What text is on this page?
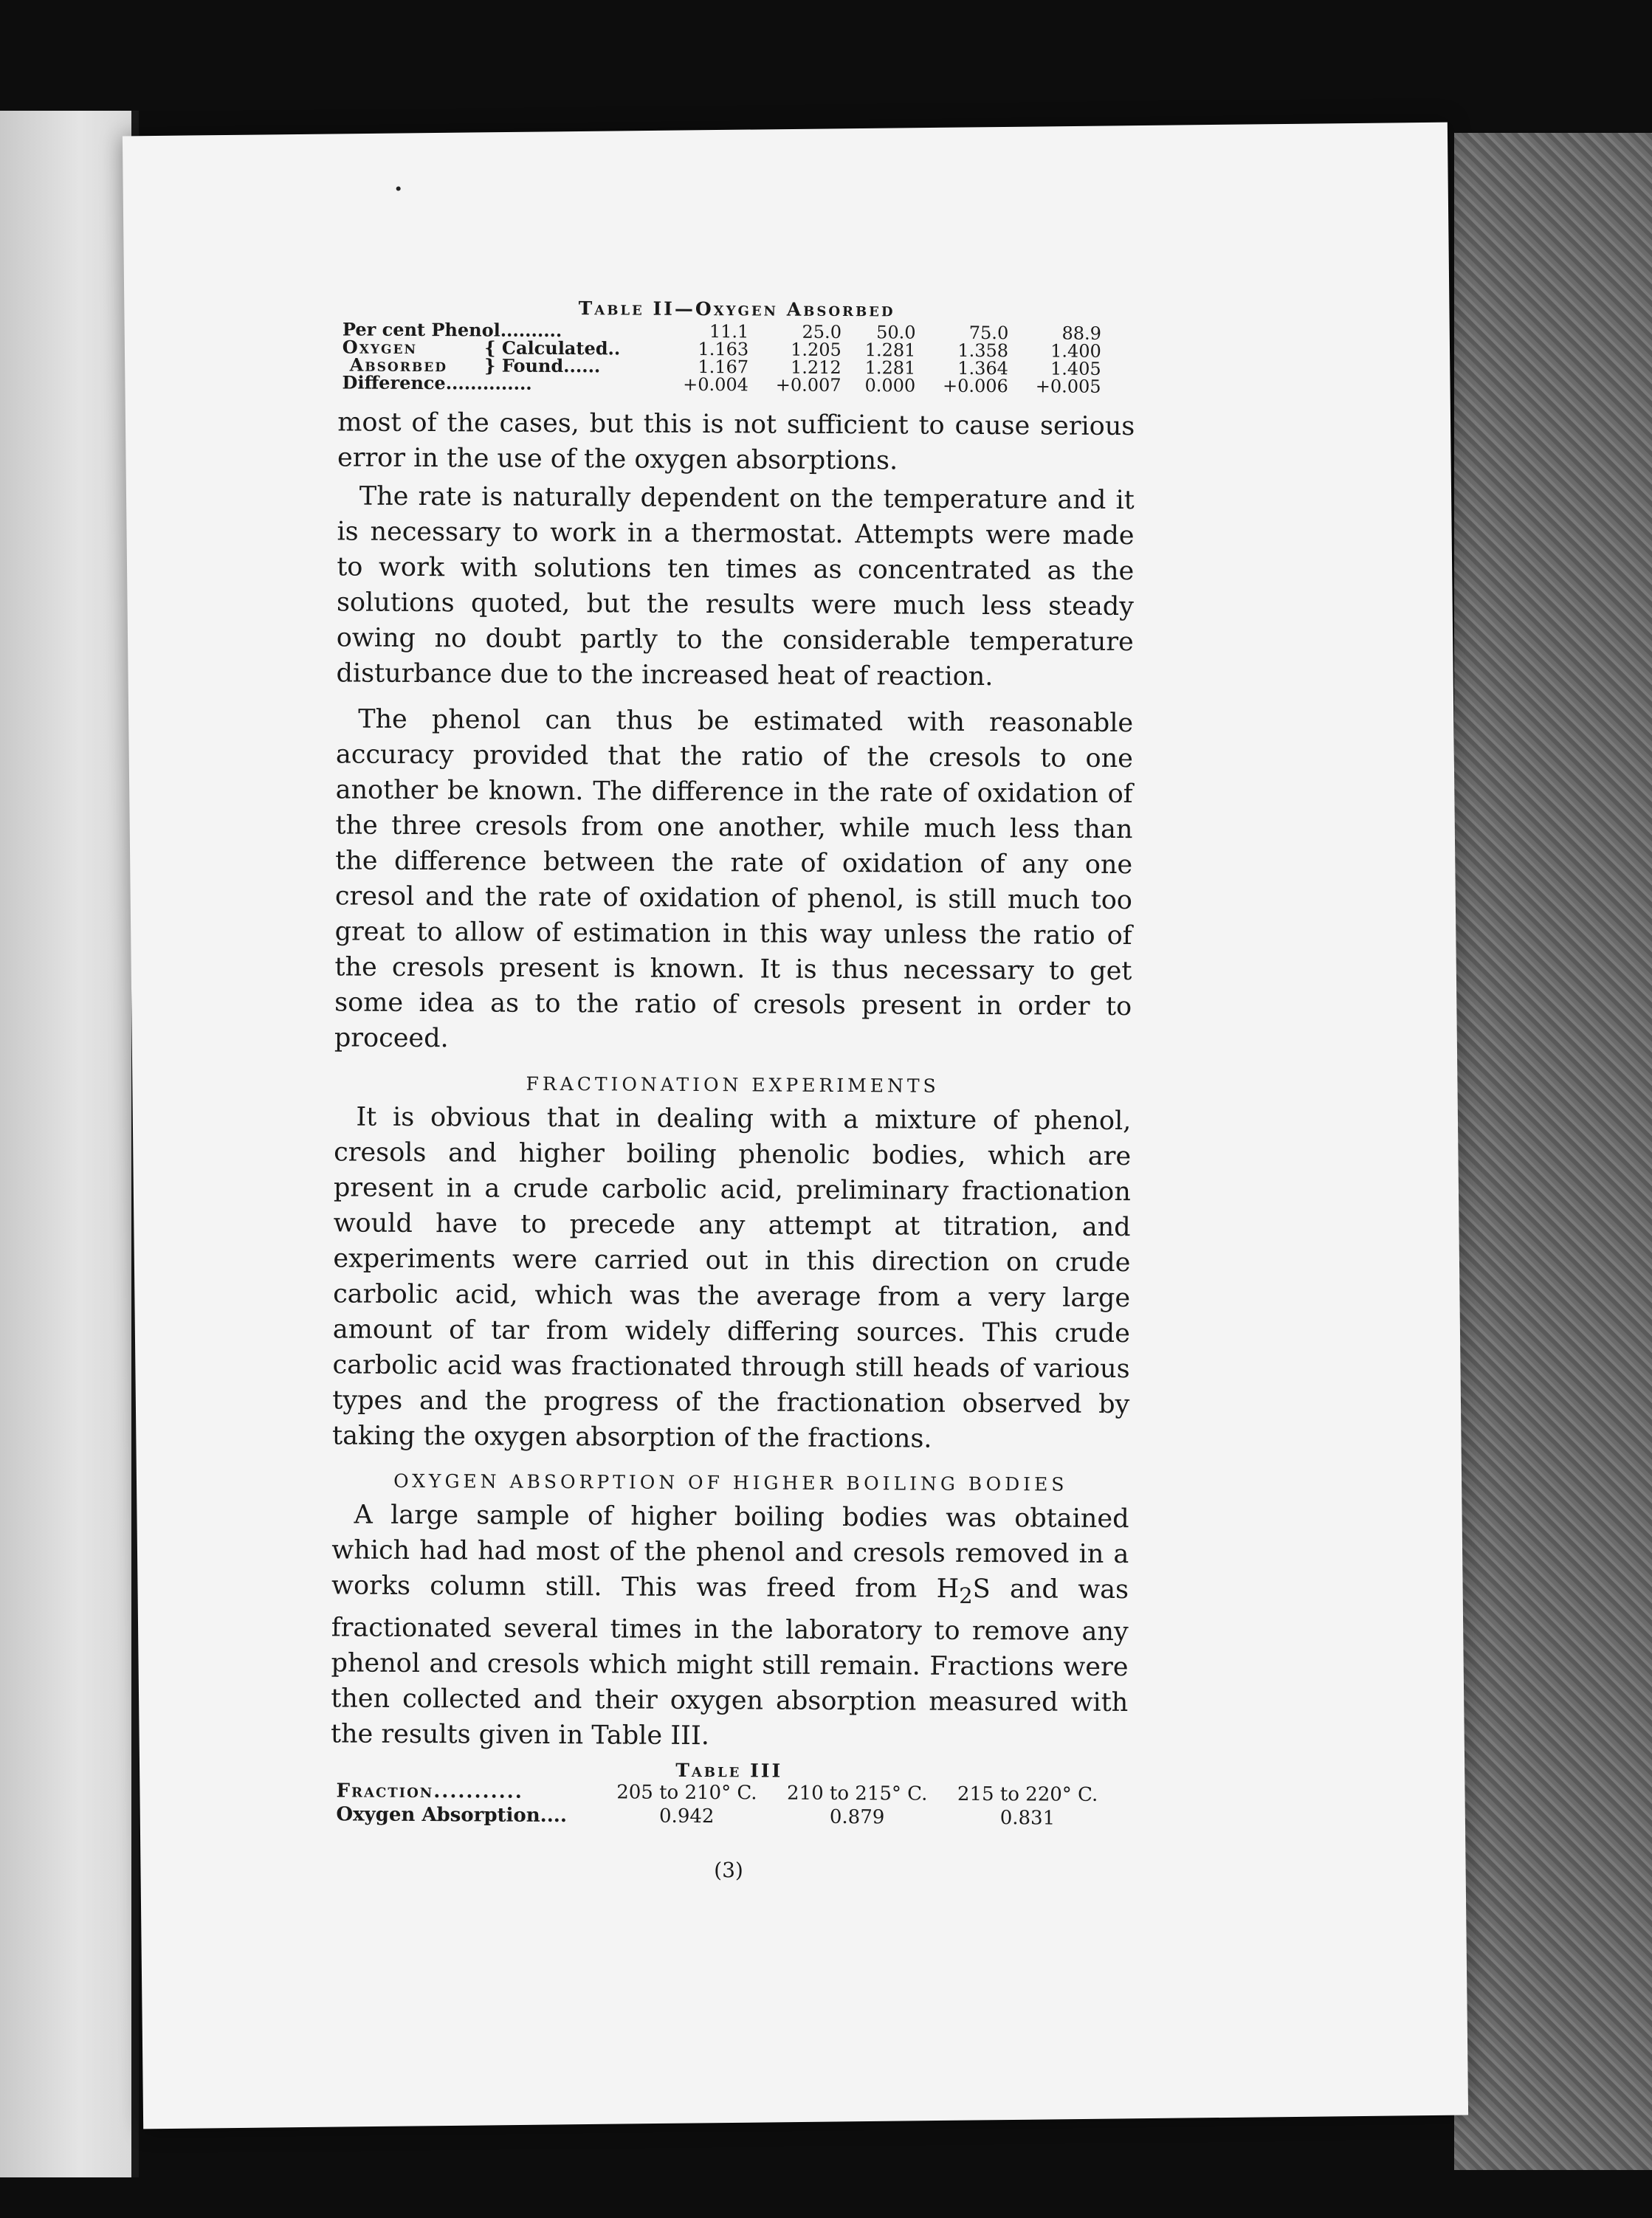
Table II—Oxygen Absorbed
Per cent Phenol..........		11.1	25.0	50.0	75.0	88.9
Oxygen	{ Calculated..	1.163	1.205	1.281	1.358	1.400
Absorbed	} Found......	1.167	1.212	1.281	1.364	1.405
Difference..............		+0.004	+0.007	0.000	+0.006	+0.005

most of the cases, but this is not sufficient to cause serious error in the use of the oxygen absorptions.

The rate is naturally dependent on the temperature and it is necessary to work in a thermostat. Attempts were made to work with solutions ten times as concentrated as the solutions quoted, but the results were much less steady owing no doubt partly to the considerable temperature disturbance due to the increased heat of reaction.

The phenol can thus be estimated with reasonable accuracy provided that the ratio of the cresols to one another be known. The difference in the rate of oxidation of the three cresols from one another, while much less than the difference between the rate of oxidation of any one cresol and the rate of oxidation of phenol, is still much too great to allow of estimation in this way unless the ratio of the cresols present is known. It is thus necessary to get some idea as to the ratio of cresols present in order to proceed.

FRACTIONATION EXPERIMENTS

It is obvious that in dealing with a mixture of phenol, cresols and higher boiling phenolic bodies, which are present in a crude carbolic acid, preliminary fractionation would have to precede any attempt at titration, and experiments were carried out in this direction on crude carbolic acid, which was the average from a very large amount of tar from widely differing sources. This crude carbolic acid was fractionated through still heads of various types and the progress of the fractionation observed by taking the oxygen absorption of the fractions.

OXYGEN ABSORPTION OF HIGHER BOILING BODIES

A large sample of higher boiling bodies was obtained which had had most of the phenol and cresols removed in a works column still. This was freed from $H_2S$ and was fractionated several times in the laboratory to remove any phenol and cresols which might still remain. Fractions were then collected and their oxygen absorption measured with the results given in Table III.

Table III
Fraction...........	205 to 210° C.	210 to 215° C.	215 to 220° C.
Oxygen Absorption....	0.942	0.879	0.831
(3)
